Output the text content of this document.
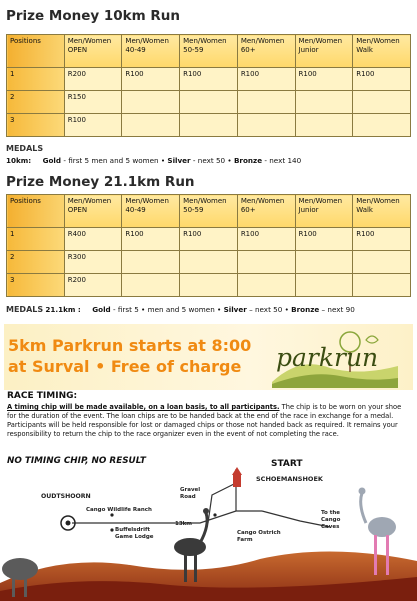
Prize Money 10km Run
Positions	Men/Women OPEN	Men/Women 40-49	Men/Women 50-59	Men/Women 60+	Men/Women Junior	Men/Women Walk
1	R200	R100	R100	R100	R100	R100
2	R150					
3	R100					
MEDALS
10km: Gold - first 5 men and 5 women • Silver - next 50 • Bronze - next 140
Prize Money 21.1km Run
Positions	Men/Women OPEN	Men/Women 40-49	Men/Women 50-59	Men/Women 60+	Men/Women Junior	Men/Women Walk
1	R400	R100	R100	R100	R100	R100
2	R300					
3	R200					
MEDALS 21.1km : Gold - first 5 • men and 5 women • Silver – next 50 • Bronze – next 90
5km Parkrun starts at 8:00
at Surval • Free of charge parkrun
RACE TIMING:
A timing chip will be made available, on a loan basis, to all participants. The chip is to be worn on your shoe for the duration of the event. The loan chips are to be handed back at the end of the race in exchange for a medal. Participants will be held responsible for lost or damaged chips or those not handed back as required. It remains your responsibility to return the chip to the race organizer even in the event of not completing the race.
NO TIMING CHIP, NO RESULT	START
SCHOEMANSHOEK
OUDTSHOORN
Cango Wildlife Ranch
Gravel
Road
Buffelsdrift
Game Lodge
13km
Cango Ostrich
Farm
To the
Cango
Caves
